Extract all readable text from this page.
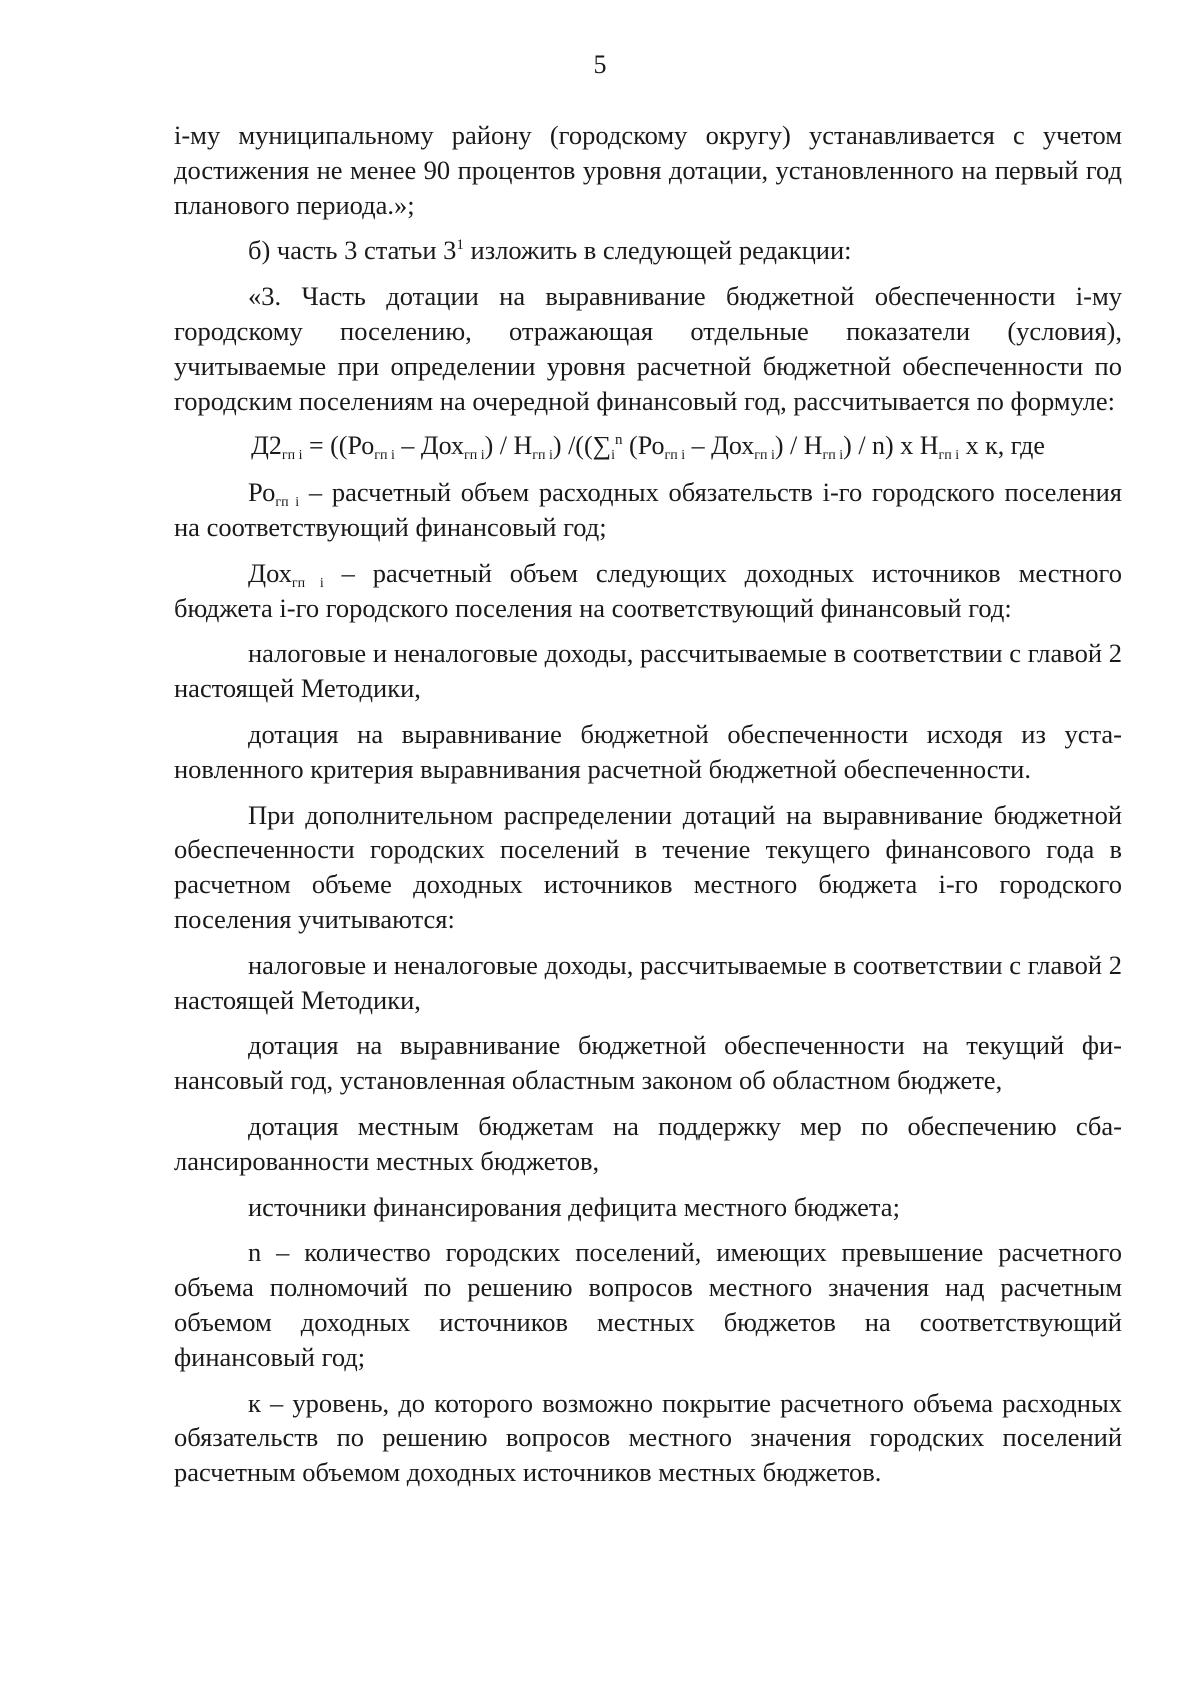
5

i-му муниципальному району (городскому округу) устанавливается с учетом достижения не менее 90 процентов уровня дотации, установленного на первый год планового периода.»;

б) часть 3 статьи $3^1$ изложить в следующей редакции:

«3. Часть дотации на выравнивание бюджетной обеспеченности i-му городскому поселению, отражающая отдельные показатели (условия), учитываемые при определении уровня расчетной бюджетной обеспеченности по городским поселениям на очередной финансовый год, рассчитывается по формуле:

$Д2_{гп i} = ((Ро_{гп i} - Дох_{гп i}) / Н_{гп i})$ $/((\sum_i^n$ $(Ро_{гп i} - Дох_{гп i}) / Н_{гп i}) / n$) x $Н_{гп i}$ x к, где

$Ро_{гп i}$ – расчетный объем расходных обязательств i-го городского поселения на соответствующий финансовый год;

Дох$_{гп i}$ – расчетный объем следующих доходных источников местного бюджета i-го городского поселения на соответствующий финансовый год:

налоговые и неналоговые доходы, рассчитываемые в соответствии с главой 2 настоящей Методики,

дотация на выравнивание бюджетной обеспеченности исходя из установленного критерия выравнивания расчетной бюджетной обеспеченности.

При дополнительном распределении дотаций на выравнивание бюджетной обеспеченности городских поселений в течение текущего финансового года в расчетном объеме доходных источников местного бюджета i-го городского поселения учитываются:

налоговые и неналоговые доходы, рассчитываемые в соответствии с главой 2 настоящей Методики,

дотация на выравнивание бюджетной обеспеченности на текущий финансовый год, установленная областным законом об областном бюджете,

дотация местным бюджетам на поддержку мер по обеспечению сбалансированности местных бюджетов,

источники финансирования дефицита местного бюджета;

n – количество городских поселений, имеющих превышение расчетного объема полномочий по решению вопросов местного значения над расчетным объемом доходных источников местных бюджетов на соответствующий финансовый год;

к – уровень, до которого возможно покрытие расчетного объема расходных обязательств по решению вопросов местного значения городских поселений расчетным объемом доходных источников местных бюджетов.
